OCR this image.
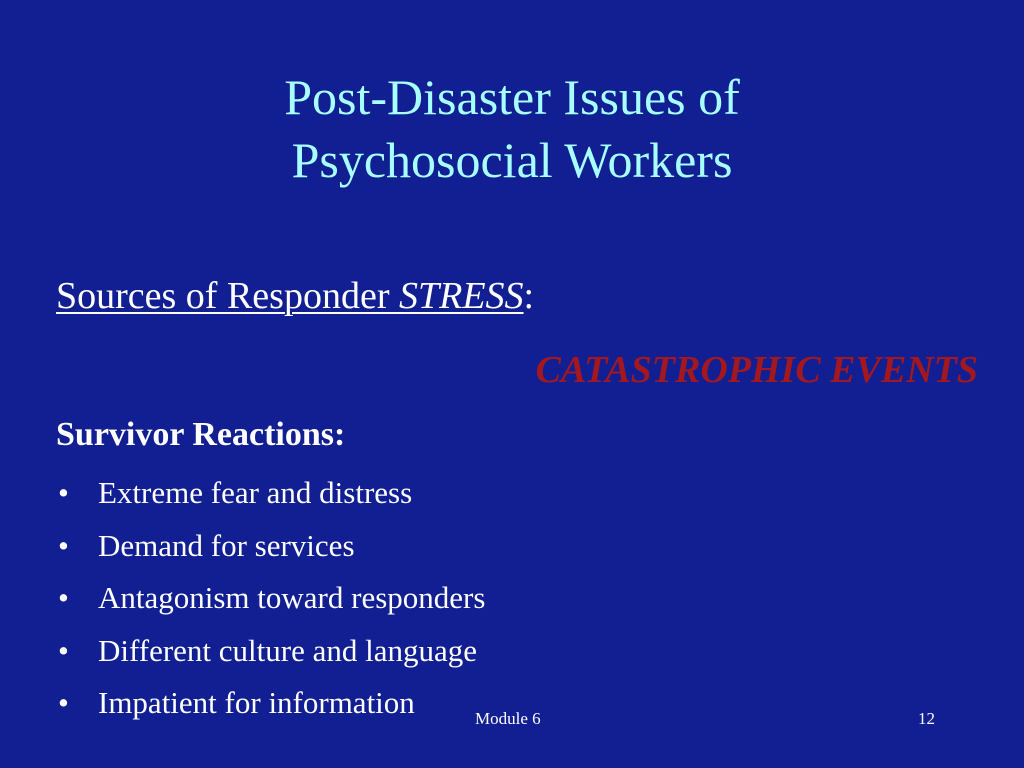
Post-Disaster Issues of
Psychosocial Workers
Sources of Responder STRESS:
CATASTROPHIC EVENTS
Survivor Reactions:
• Extreme fear and distress
• Demand for services
• Antagonism toward responders
• Different culture and language
• Impatient for information	Module 6	12
